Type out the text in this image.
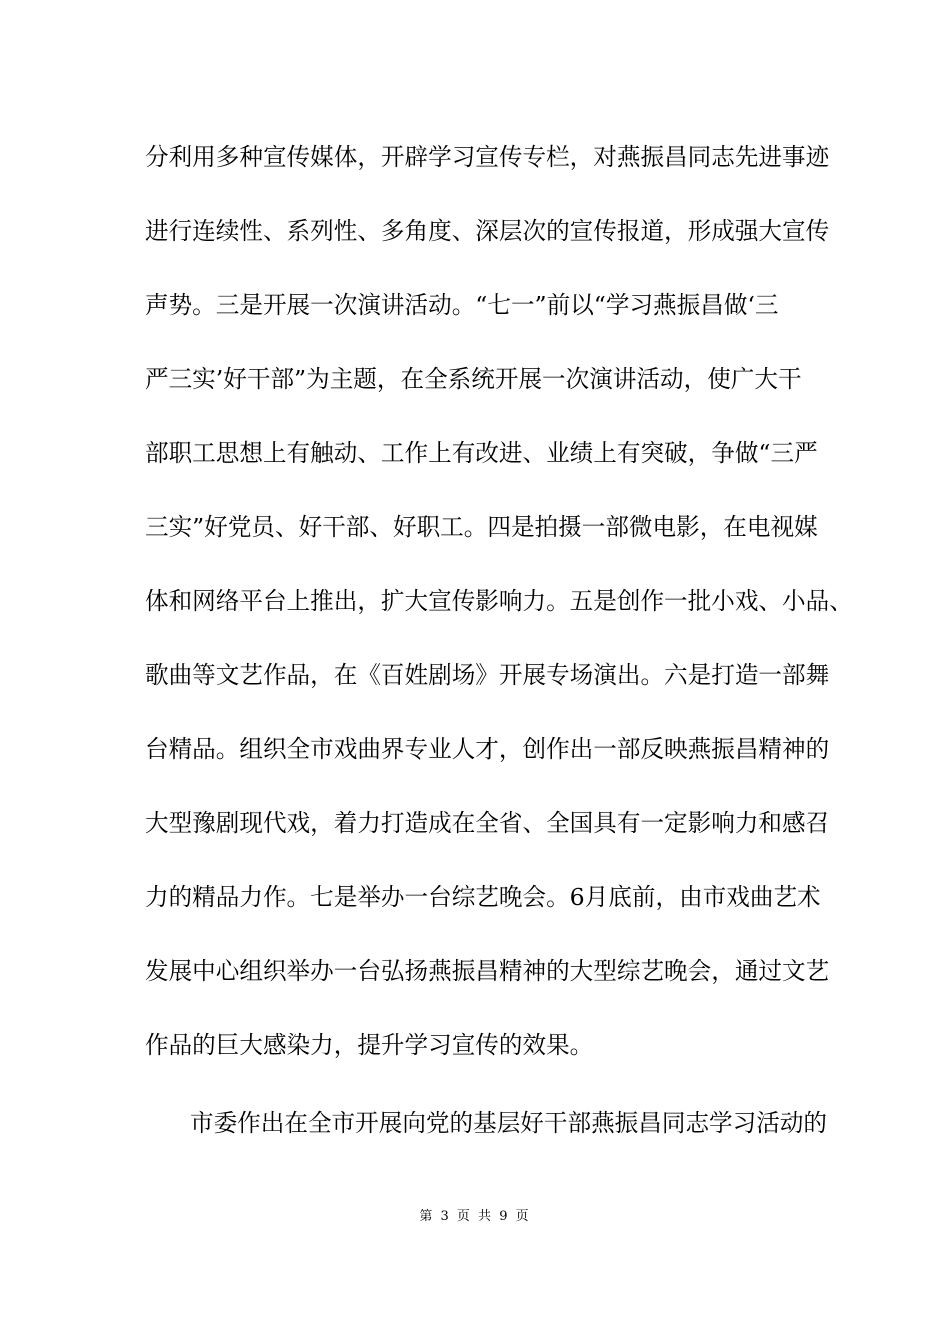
分利用多种宣传媒体，开辟学习宣传专栏，对燕振昌同志先进事迹
进行连续性、系列性、多角度、深层次的宣传报道，形成强大宣传
声势。三是开展一次演讲活动。“七一”前以“学习燕振昌做‘三
严三实’好干部”为主题，在全系统开展一次演讲活动，使广大干
部职工思想上有触动、工作上有改进、业绩上有突破，争做“三严
三实”好党员、好干部、好职工。四是拍摄一部微电影，在电视媒
体和网络平台上推出，扩大宣传影响力。五是创作一批小戏、小品、
歌曲等文艺作品，在《百姓剧场》开展专场演出。六是打造一部舞
台精品。组织全市戏曲界专业人才，创作出一部反映燕振昌精神的
大型豫剧现代戏，着力打造成在全省、全国具有一定影响力和感召
力的精品力作。七是举办一台综艺晚会。6月底前，由市戏曲艺术
发展中心组织举办一台弘扬燕振昌精神的大型综艺晚会，通过文艺
作品的巨大感染力，提升学习宣传的效果。
市委作出在全市开展向党的基层好干部燕振昌同志学习活动的
第 3 页 共 9 页
